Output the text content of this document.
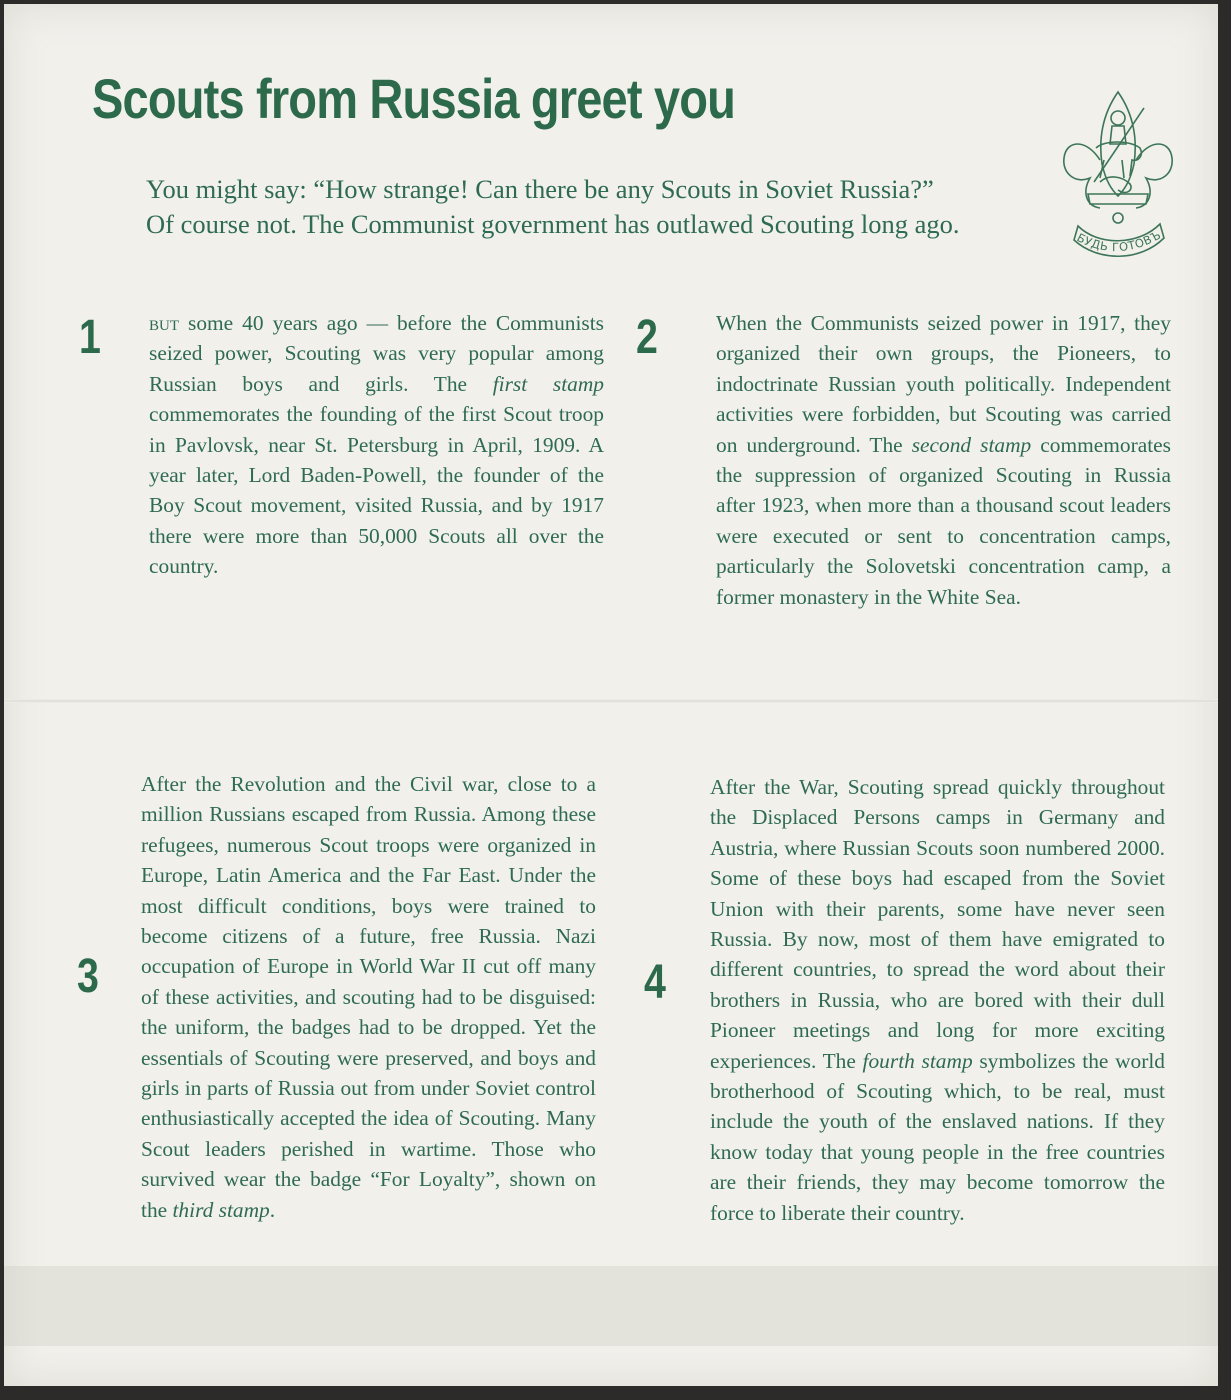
Scouts from Russia greet you

You might say: “How strange! Can there be any Scouts in Soviet Russia?”

Of course not. The Communist government has outlawed Scouting long ago.	БУДЬ ГОТОВЪ
1 but some 40 years ago — before the Communists seized power, Scouting was very popular among Russian boys and girls. The first stamp commemorates the founding of the first Scout troop in Pavlovsk, near St. Petersburg in April, 1909. A year later, Lord Baden-Powell, the founder of the Boy Scout movement, visited Russia, and by 1917 there were more than 50,000 Scouts all over the country.

2	When the Communists seized power in 1917, they organized their own groups, the Pioneers, to indoctrinate Russian youth politically. Independent activities were forbidden, but Scouting was carried on underground. The second stamp commemorates the suppression of organized Scouting in Russia after 1923, when more than a thousand scout leaders were executed or sent to concentration camps, particularly the Solovetski concentration camp, a former monastery in the White Sea.

3

After the Revolution and the Civil war, close to a million Russians escaped from Russia. Among these refugees, numerous Scout troops were organized in Europe, Latin America and the Far East. Under the most difficult conditions, boys were trained to become citizens of a future, free Russia. Nazi occupation of Europe in World War II cut off many of these activities, and scouting had to be disguised: the uniform, the badges had to be dropped. Yet the essentials of Scouting were preserved, and boys and girls in parts of Russia out from under Soviet control enthusiastically accepted the idea of Scouting. Many Scout leaders perished in wartime. Those who survived wear the badge “For Loyalty”, shown on the third stamp.

4

After the War, Scouting spread quickly throughout the Displaced Persons camps in Germany and Austria, where Russian Scouts soon numbered 2000. Some of these boys had escaped from the Soviet Union with their parents, some have never seen Russia. By now, most of them have emigrated to different countries, to spread the word about their brothers in Russia, who are bored with their dull Pioneer meetings and long for more exciting experiences. The fourth stamp symbolizes the world brotherhood of Scouting which, to be real, must include the youth of the enslaved nations. If they know today that young people in the free countries are their friends, they may become tomorrow the force to liberate their country.
